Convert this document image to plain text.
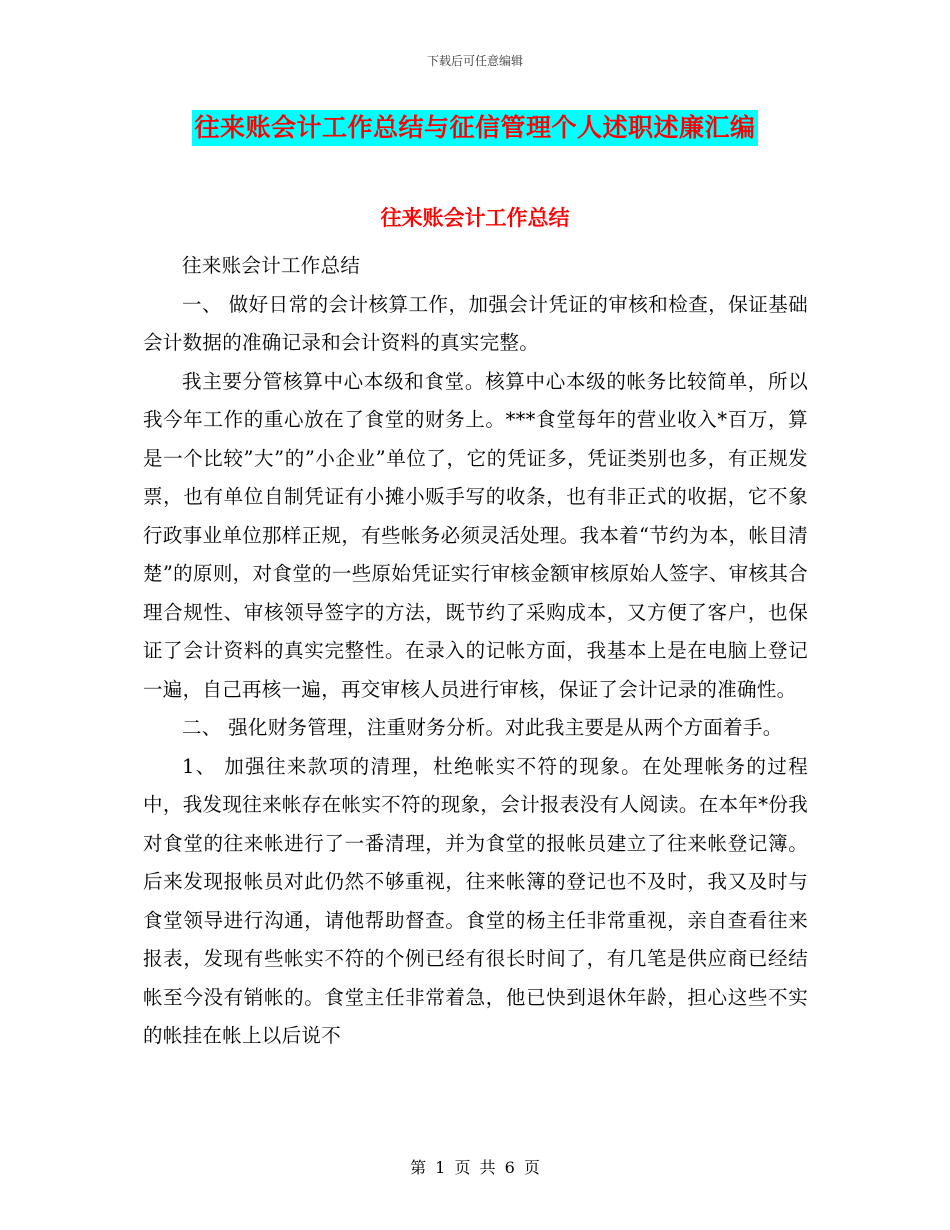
下载后可任意编辑
往来账会计工作总结与征信管理个人述职述廉汇编
往来账会计工作总结

往来账会计工作总结

一、 做好日常的会计核算工作，加强会计凭证的审核和检查，保证基础会计数据的准确记录和会计资料的真实完整。

我主要分管核算中心本级和食堂。核算中心本级的帐务比较简单，所以我今年工作的重心放在了食堂的财务上。***食堂每年的营业收入*百万，算是一个比较”大”的”小企业”单位了，它的凭证多，凭证类别也多，有正规发票，也有单位自制凭证有小摊小贩手写的收条，也有非正式的收据，它不象行政事业单位那样正规，有些帐务必须灵活处理。我本着“节约为本，帐目清楚”的原则，对食堂的一些原始凭证实行审核金额审核原始人签字、审核其合理合规性、审核领导签字的方法，既节约了采购成本，又方便了客户，也保证了会计资料的真实完整性。在录入的记帐方面，我基本上是在电脑上登记一遍，自己再核一遍，再交审核人员进行审核，保证了会计记录的准确性。

二、 强化财务管理，注重财务分析。对此我主要是从两个方面着手。

1、 加强往来款项的清理，杜绝帐实不符的现象。在处理帐务的过程中，我发现往来帐存在帐实不符的现象，会计报表没有人阅读。在本年*份我对食堂的往来帐进行了一番清理，并为食堂的报帐员建立了往来帐登记簿。后来发现报帐员对此仍然不够重视，往来帐簿的登记也不及时，我又及时与食堂领导进行沟通，请他帮助督查。食堂的杨主任非常重视，亲自查看往来报表，发现有些帐实不符的个例已经有很长时间了，有几笔是供应商已经结帐至今没有销帐的。食堂主任非常着急，他已快到退休年龄，担心这些不实的帐挂在帐上以后说不

第 1 页 共 6 页
